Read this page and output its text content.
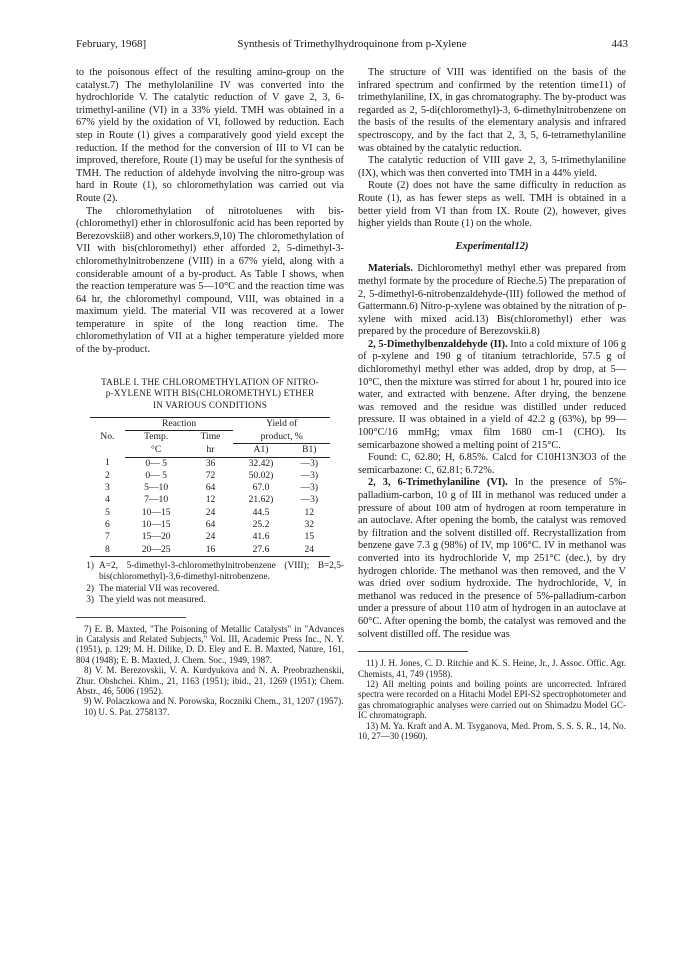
February, 1968]	Synthesis of Trimethylhydroquinone from p-Xylene	443

to the poisonous effect of the resulting amino-group on the catalyst.7) The methylolaniline IV was converted into the hydrochloride V. The catalytic reduction of V gave 2, 3, 6-trimethyl-aniline (VI) in a 33% yield. TMH was obtained in a 67% yield by the oxidation of VI, followed by reduction. Each step in Route (1) gives a comparatively good yield except the reduction. If the method for the conversion of III to VI can be improved, therefore, Route (1) may be useful for the synthesis of TMH. The reduction of aldehyde involving the nitro-group was hard in Route (1), so chloromethylation was carried out via Route (2).

The chloromethylation of nitrotoluenes with bis-(chloromethyl) ether in chlorosulfonic acid has been reported by Berezovskii8) and other workers.9,10) The chloromethylation of VII with bis(chloromethyl) ether afforded 2, 5-dimethyl-3-chloromethylnitrobenzene (VIII) in a 67% yield, along with a considerable amount of a by-product. As Table I shows, when the reaction temperature was 5—10°C and the reaction time was 64 hr, the chloromethyl compound, VIII, was obtained in a maximum yield. The material VII was recovered at a lower temperature in spite of the long reaction time. The chloromethylation of VII at a higher temperature yielded more of the by-product.

TABLE I. THE CHLOROMETHYLATION OF NITRO-
p-XYLENE WITH BIS(CHLOROMETHYL) ETHER
IN VARIOUS CONDITIONS
No.	Reaction		Yield of	
	Temp.	Time	product, %	
	°C	hr	A1)	B1)
1	0— 5	36	32.42)	—3)
2	0— 5	72	50.02)	—3)
3	5—10	64	67.0	—3)
4	7—10	12	21.62)	—3)
5	10—15	24	44.5	12
6	10—15	64	25.2	32
7	15—20	24	41.6	15
8	20—25	16	27.6	24
1) A=2, 5-dimethyl-3-chloromethylnitrobenzene (VIII); B=2,5-bis(chloromethyl)-3,6-dimethyl-nitrobenzene.
2) The material VII was recovered.
3) The yield was not measured.

7) E. B. Maxted, "The Poisoning of Metallic Catalysts" in "Advances in Catalysis and Related Subjects," Vol. III, Academic Press Inc., N. Y. (1951), p. 129; M. H. Dilike, D. D. Eley and E. B. Maxted, Nature, 161, 804 (1948); E. B. Maxted, J. Chem. Soc., 1949, 1987.

8) V. M. Berezovskii, V. A. Kurdyukova and N. A. Preobrazhenskii, Zhur. Obshchei. Khim., 21, 1163 (1951); ibid., 21, 1269 (1951); Chem. Abstr., 46, 5006 (1952).

9) W. Polaczkowa and N. Porowska, Roczniki Chem., 31, 1207 (1957).

10) U. S. Pat. 2758137.

The structure of VIII was identified on the basis of the infrared spectrum and confirmed by the retention time11) of trimethylaniline, IX, in gas chromatography. The by-product was regarded as 2, 5-di(chloromethyl)-3, 6-dimethylnitrobenzene on the basis of the results of the elementary analysis and infrared spectroscopy, and by the fact that 2, 3, 5, 6-tetramethylaniline was obtained by the catalytic reduction.

The catalytic reduction of VIII gave 2, 3, 5-trimethylaniline (IX), which was then converted into TMH in a 44% yield.

Route (2) does not have the same difficulty in reduction as Route (1), as has fewer steps as well. TMH is obtained in a better yield from VI than from IX. Route (2), however, gives higher yields than Route (1) on the whole.

Experimental12)

Materials. Dichloromethyl methyl ether was prepared from methyl formate by the procedure of Rieche.5) The preparation of 2, 5-dimethyl-6-nitrobenzaldehyde-(III) followed the method of Gattermann.6) Nitro-p-xylene was obtained by the nitration of p-xylene with mixed acid.13) Bis(chloromethyl) ether was prepared by the procedure of Berezovskii.8)

2, 5-Dimethylbenzaldehyde (II). Into a cold mixture of 106 g of p-xylene and 190 g of titanium tetrachloride, 57.5 g of dichloromethyl methyl ether was added, drop by drop, at 5—10°C, then the mixture was stirred for about 1 hr, poured into ice water, and extracted with benzene. After drying, the benzene was removed and the residue was distilled under reduced pressure. II was obtained in a yield of 42.2 g (63%), bp 99—100°C/16 mmHg; νmax film 1680 cm-1 (CHO). Its semicarbazone showed a melting point of 215°C.

Found: C, 62.80; H, 6.85%. Calcd for C10H13N3O3 of the semicarbazone: C, 62.81; 6.72%.

2, 3, 6-Trimethylaniline (VI). In the presence of 5%-palladium-carbon, 10 g of III in methanol was reduced under a pressure of about 100 atm of hydrogen at room temperature in an autoclave. After opening the bomb, the catalyst was removed by filtration and the solvent distilled off. Recrystallization from benzene gave 7.3 g (98%) of IV, mp 106°C. IV in methanol was converted into its hydrochloride V, mp 251°C (dec.), by dry hydrogen chloride. The methanol was then removed, and the V was dried over sodium hydroxide. The hydrochloride, V, in methanol was reduced in the presence of 5%-palladium-carbon under a pressure of about 110 atm of hydrogen in an autoclave at 60°C. After opening the bomb, the catalyst was removed and the solvent distilled off. The residue was

11) J. H. Jones, C. D. Ritchie and K. S. Heine, Jr., J. Assoc. Offic. Agr. Chemists, 41, 749 (1958).

12) All melting points and boiling points are uncorrected. Infrared spectra were recorded on a Hitachi Model EPI-S2 spectrophotometer and gas chromatographic analyses were carried out on Shimadzu Model GC-IC chromatograph.

13) M. Ya. Kraft and A. M. Tsyganova, Med. Prom. S. S. S. R., 14, No. 10, 27—30 (1960).
